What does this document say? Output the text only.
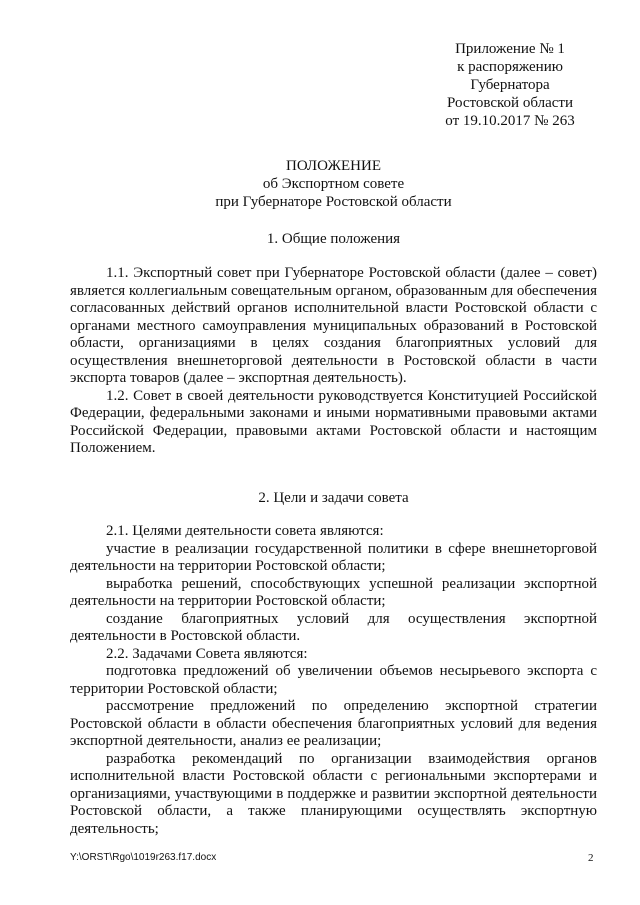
Приложение № 1
к распоряжению
Губернатора
Ростовской области
от 19.10.2017 № 263
ПОЛОЖЕНИЕ
об Экспортном совете
при Губернаторе Ростовской области
1. Общие положения

1.1. Экспортный совет при Губернаторе Ростовской области (далее – совет) является коллегиальным совещательным органом, образованным для обеспечения согласованных действий органов исполнительной власти Ростовской области с органами местного самоуправления муниципальных образований в Ростовской области, организациями в целях создания благоприятных условий для осуществления внешнеторговой деятельности в Ростовской области в части экспорта товаров (далее – экспортная деятельность).

1.2. Совет в своей деятельности руководствуется Конституцией Российской Федерации, федеральными законами и иными нормативными правовыми актами Российской Федерации, правовыми актами Ростовской области и настоящим Положением.

2. Цели и задачи совета

2.1. Целями деятельности совета являются:

участие в реализации государственной политики в сфере внешнеторговой деятельности на территории Ростовской области;

выработка решений, способствующих успешной реализации экспортной деятельности на территории Ростовской области;

создание благоприятных условий для осуществления экспортной деятельности в Ростовской области.

2.2. Задачами Совета являются:

подготовка предложений об увеличении объемов несырьевого экспорта с территории Ростовской области;

рассмотрение предложений по определению экспортной стратегии Ростовской области в области обеспечения благоприятных условий для ведения экспортной деятельности, анализ ее реализации;

разработка рекомендаций по организации взаимодействия органов исполнительной власти Ростовской области с региональными экспортерами и организациями, участвующими в поддержке и развитии экспортной деятельности Ростовской области, а также планирующими осуществлять экспортную деятельность;

Y:\ORST\Rgo\1019r263.f17.docx	2
